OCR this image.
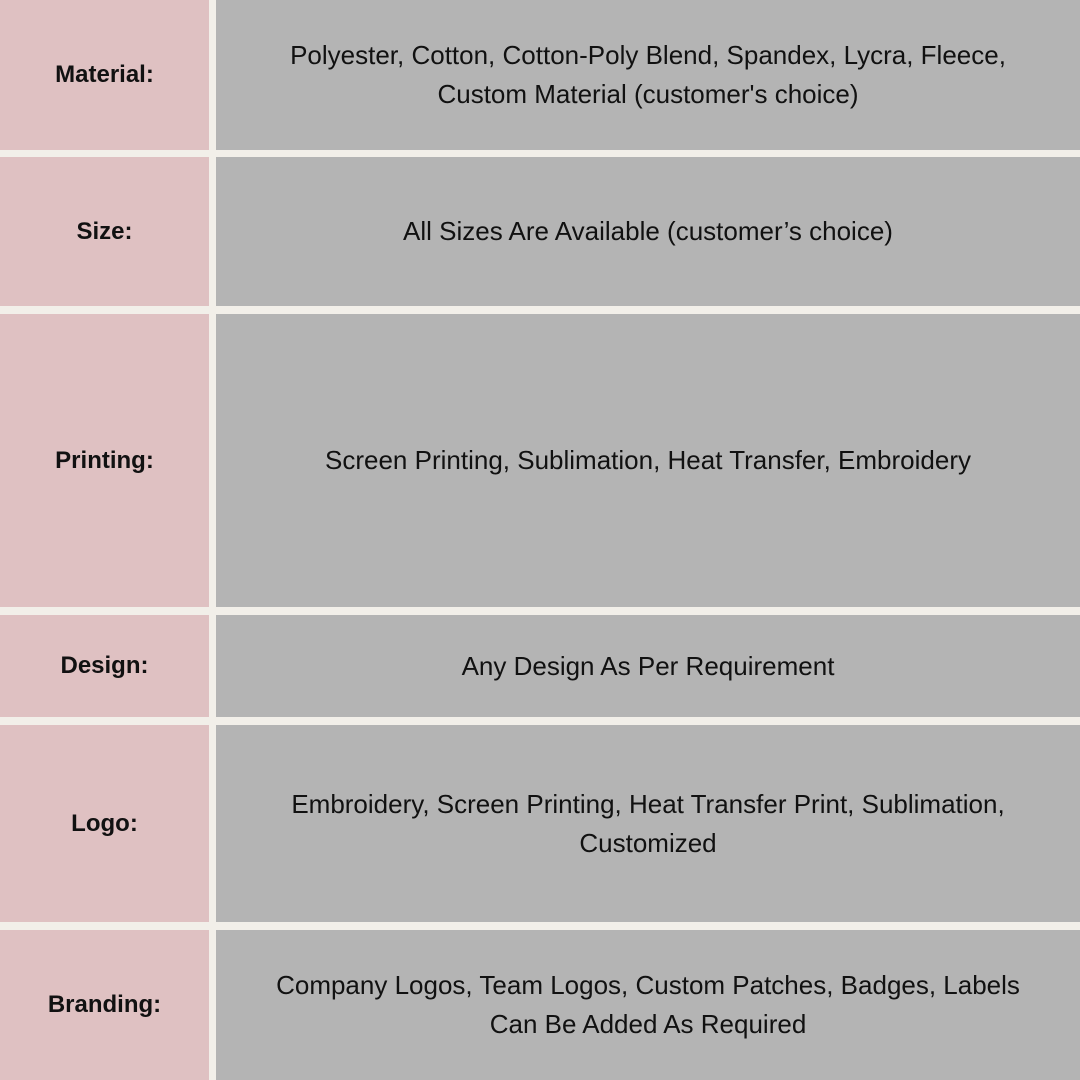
Material:
Polyester, Cotton, Cotton-Poly Blend, Spandex, Lycra, Fleece,
Custom Material (customer's choice)
Size:	All Sizes Are Available (customer’s choice)
Printing:	Screen Printing, Sublimation, Heat Transfer, Embroidery
Design:	Any Design As Per Requirement
Logo:
Embroidery, Screen Printing, Heat Transfer Print, Sublimation,
Customized
Branding:
Company Logos, Team Logos, Custom Patches, Badges, Labels
Can Be Added As Required
